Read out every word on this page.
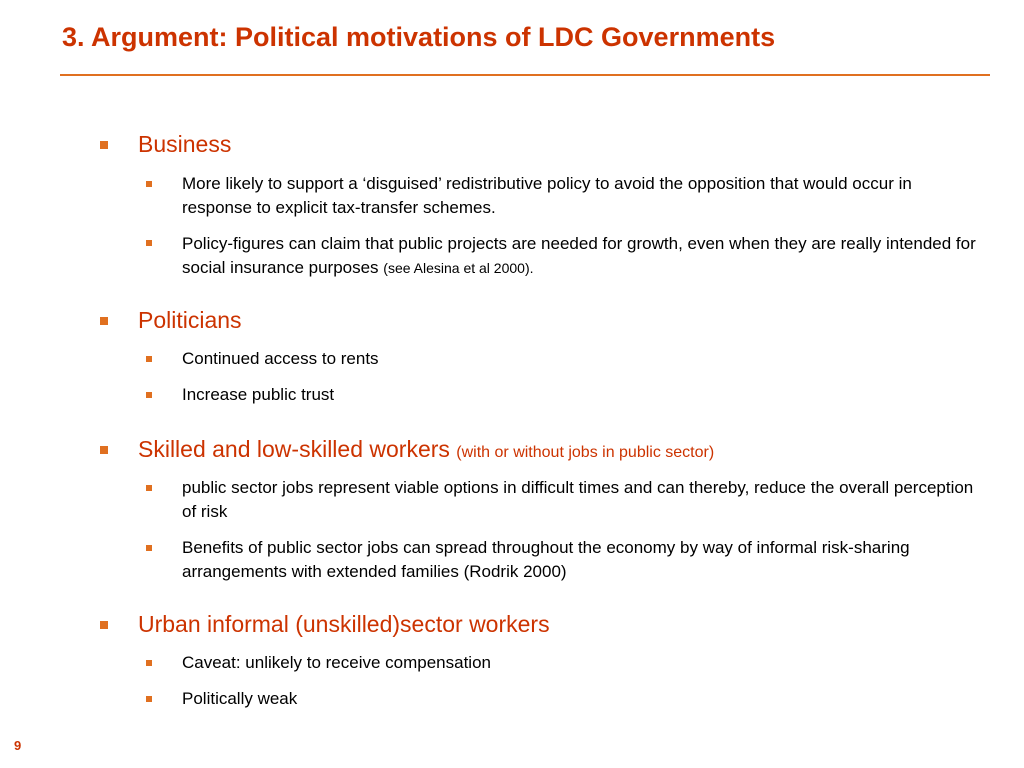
3. Argument: Political motivations of LDC Governments
Business
More likely to support a ‘disguised’ redistributive policy to avoid the opposition that would occur in response to explicit tax-transfer schemes.
Policy-figures can claim that public projects are needed for growth, even when they are really intended for social insurance purposes (see Alesina et al 2000).
Politicians
Continued access to rents
Increase public trust
Skilled and low-skilled workers (with or without jobs in public sector)
public sector jobs represent viable options in difficult times and can thereby, reduce the overall perception of risk
Benefits of public sector jobs can spread throughout the economy by way of informal risk-sharing arrangements with extended families (Rodrik 2000)
Urban informal (unskilled)sector workers
Caveat: unlikely to receive compensation
Politically weak
9
